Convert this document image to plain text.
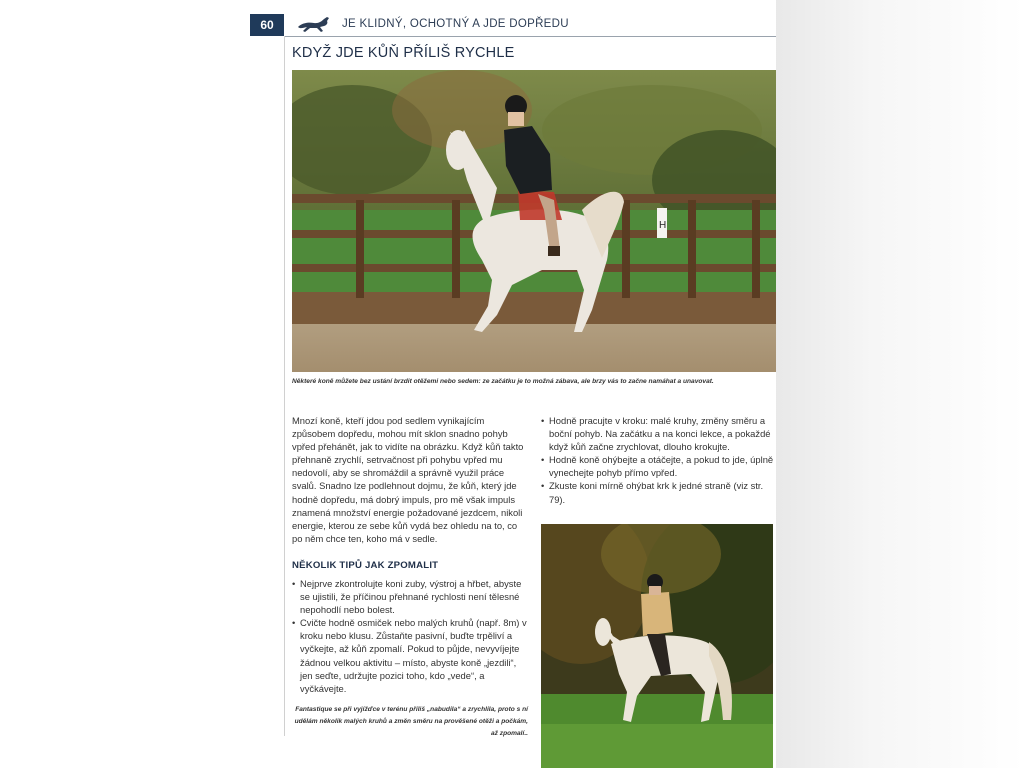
60	JE KLIDNÝ, OCHOTNÝ A JDE DOPŘEDU
KDYŽ JDE KŮŇ PŘÍLIŠ RYCHLE
H
Některé koně můžete bez ustání brzdit otěžemi nebo sedem: ze začátku je to možná zábava, ale brzy vás to začne namáhat a unavovat.
Mnozí koně, kteří jdou pod sedlem vynikajícím způsobem dopředu, mohou mít sklon snadno pohyb vpřed přehánět, jak to vidíte na obrázku. Když kůň takto přehnaně zrychlí, setrvačnost při pohybu vpřed mu nedovolí, aby se shromáždil a správně využil práce svalů. Snadno lze podlehnout dojmu, že kůň, který jde hodně dopředu, má dobrý impuls, pro mě však impuls znamená množství energie požadované jezdcem, nikoli energie, kterou ze sebe kůň vydá bez ohledu na to, co po něm chce ten, koho má v sedle.
• Hodně pracujte v kroku: malé kruhy, změny směru a boční pohyb. Na začátku a na konci lekce, a pokaždé když kůň začne zrychlovat, dlouho krokujte.
• Hodně koně ohýbejte a otáčejte, a pokud to jde, úplně vynechejte pohyb přímo vpřed.
• Zkuste koni mírně ohýbat krk k jedné straně (viz str. 79).
NĚKOLIK TIPŮ JAK ZPOMALIT
• Nejprve zkontrolujte koni zuby, výstroj a hřbet, abyste se ujistili, že příčinou přehnané rychlosti není tělesné nepohodlí nebo bolest.
• Cvičte hodně osmiček nebo malých kruhů (např. 8m) v kroku nebo klusu. Zůstaňte pasivní, buďte trpěliví a vyčkejte, až kůň zpomalí. Pokud to půjde, nevyvíjejte žádnou velkou aktivitu – místo, abyste koně „jezdili“, jen seďte, udržujte pozici toho, kdo „vede“, a vyčkávejte.
Fantastique se při vyjížďce v terénu příliš „nabudila“ a zrychlila, proto s ní udělám několik malých kruhů a změn směru na prověšené otěži a počkám, až zpomalí..
